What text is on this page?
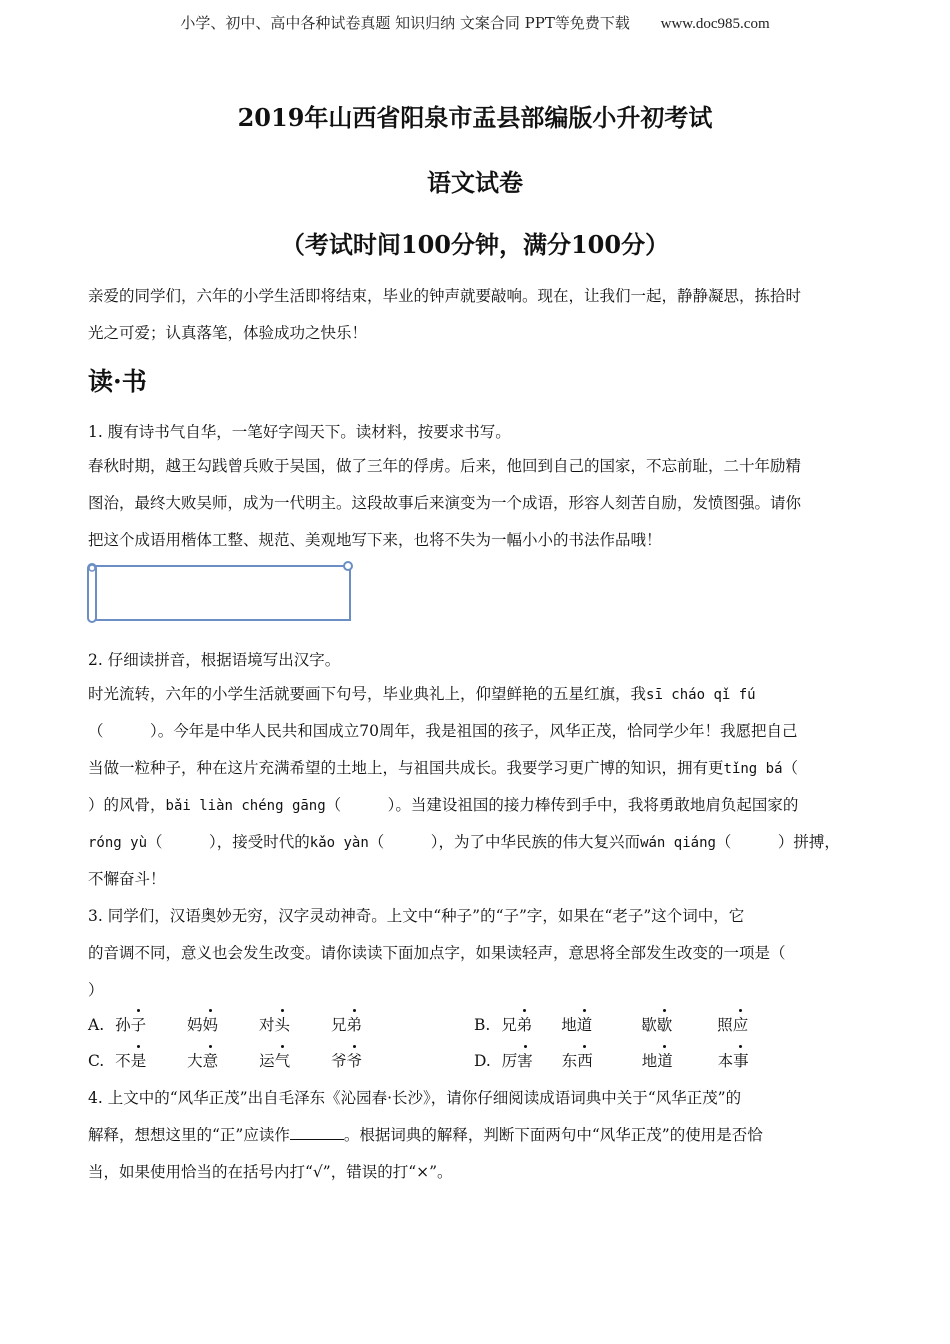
小学、初中、高中各种试卷真题 知识归纳 文案合同 PPT等免费下载 www.doc985.com
2019年山西省阳泉市盂县部编版小升初考试
语文试卷
（考试时间100分钟，满分100分）
亲爱的同学们，六年的小学生活即将结束，毕业的钟声就要敲响。现在，让我们一起，静静凝思，拣拾时
光之可爱；认真落笔，体验成功之快乐！
读·书
1. 腹有诗书气自华，一笔好字闯天下。读材料，按要求书写。
春秋时期，越王勾践曾兵败于吴国，做了三年的俘虏。后来，他回到自己的国家，不忘前耻，二十年励精
图治，最终大败吴师，成为一代明主。这段故事后来演变为一个成语，形容人刻苦自励，发愤图强。请你
把这个成语用楷体工整、规范、美观地写下来，也将不失为一幅小小的书法作品哦！
2. 仔细读拼音，根据语境写出汉字。
时光流转，六年的小学生活就要画下句号，毕业典礼上，仰望鲜艳的五星红旗，我sī cháo qǐ fú
（　　　）。今年是中华人民共和国成立70周年，我是祖国的孩子，风华正茂，恰同学少年！我愿把自己
当做一粒种子，种在这片充满希望的土地上，与祖国共成长。我要学习更广博的知识，拥有更tǐng bá（
）的风骨，bǎi liàn chéng gāng（　　　）。当建设祖国的接力棒传到手中，我将勇敢地肩负起国家的
róng yù（　　　），接受时代的kǎo yàn（　　　），为了中华民族的伟大复兴而wán qiáng（　　　）拼搏，
不懈奋斗！
3. 同学们，汉语奥妙无穷，汉字灵动神奇。上文中“种子”的“子”字，如果在“老子”这个词中，它
的音调不同，意义也会发生改变。请你读读下面加点字，如果读轻声，意思将全部发生改变的一项是（
）
A. 孙子	妈妈	对头	兄弟	B. 兄弟 地道	歇歇	照应
C. 不是	大意	运气	爷爷	D. 厉害 东西	地道	本事
4. 上文中的“风华正茂”出自毛泽东《沁园春·长沙》，请你仔细阅读成语词典中关于“风华正茂”的
解释，想想这里的“正”应读作	。根据词典的解释，判断下面两句中“风华正茂”的使用是否恰
当，如果使用恰当的在括号内打“√”，错误的打“×”。
